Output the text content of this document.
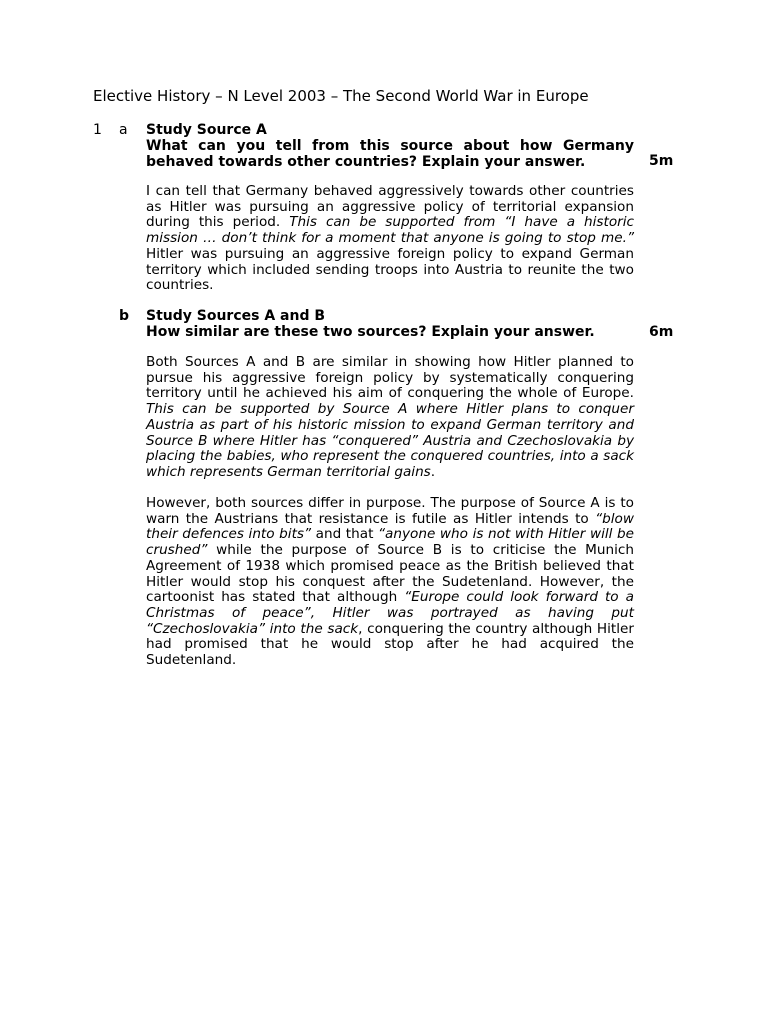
Elective History – N Level 2003 – The Second World War in Europe
1 a Study Source A
What can you tell from this source about how Germany behaved towards other countries? Explain your answer.	5m
I can tell that Germany behaved aggressively towards other countries as Hitler was pursuing an aggressive policy of territorial expansion during this period. This can be supported from “I have a historic mission … don’t think for a moment that anyone is going to stop me.” Hitler was pursuing an aggressive foreign policy to expand German territory which included sending troops into Austria to reunite the two countries.
b Study Sources A and B
How similar are these two sources? Explain your answer.	6m
Both Sources A and B are similar in showing how Hitler planned to pursue his aggressive foreign policy by systematically conquering territory until he achieved his aim of conquering the whole of Europe. This can be supported by Source A where Hitler plans to conquer Austria as part of his historic mission to expand German territory and Source B where Hitler has “conquered” Austria and Czechoslovakia by placing the babies, who represent the conquered countries, into a sack which represents German territorial gains.
However, both sources differ in purpose. The purpose of Source A is to warn the Austrians that resistance is futile as Hitler intends to “blow their defences into bits” and that “anyone who is not with Hitler will be crushed” while the purpose of Source B is to criticise the Munich Agreement of 1938 which promised peace as the British believed that Hitler would stop his conquest after the Sudetenland. However, the cartoonist has stated that although “Europe could look forward to a Christmas of peace”, Hitler was portrayed as having put “Czechoslovakia” into the sack, conquering the country although Hitler had promised that he would stop after he had acquired the Sudetenland.
